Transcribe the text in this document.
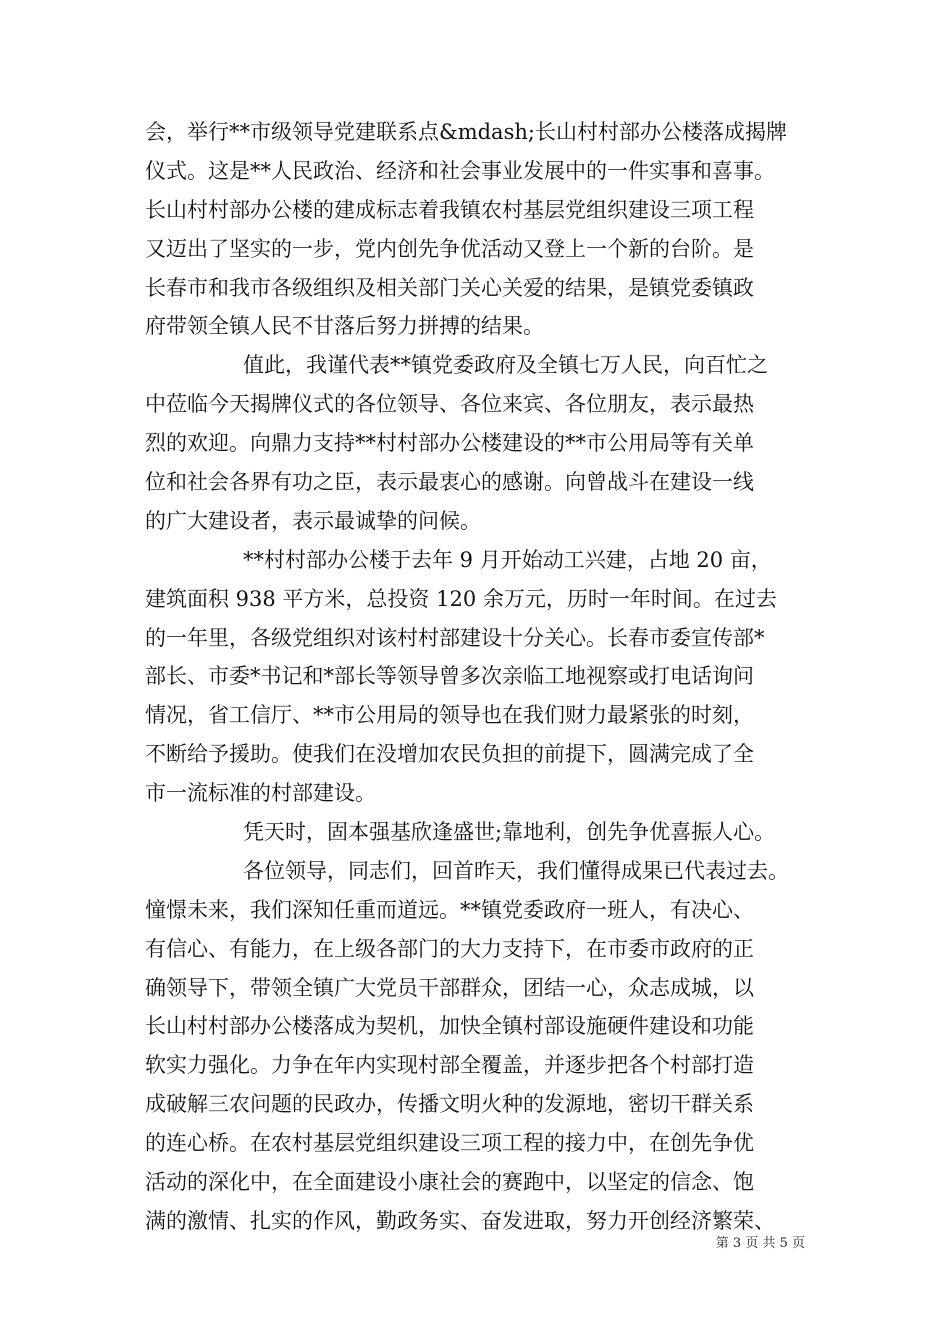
会，举行**市级领导党建联系点&mdash;长山村村部办公楼落成揭牌
仪式。这是**人民政治、经济和社会事业发展中的一件实事和喜事。
长山村村部办公楼的建成标志着我镇农村基层党组织建设三项工程
又迈出了坚实的一步，党内创先争优活动又登上一个新的台阶。是
长春市和我市各级组织及相关部门关心关爱的结果，是镇党委镇政
府带领全镇人民不甘落后努力拼搏的结果。
值此，我谨代表**镇党委政府及全镇七万人民，向百忙之
中莅临今天揭牌仪式的各位领导、各位来宾、各位朋友，表示最热
烈的欢迎。向鼎力支持**村村部办公楼建设的**市公用局等有关单
位和社会各界有功之臣，表示最衷心的感谢。向曾战斗在建设一线
的广大建设者，表示最诚挚的问候。
**村村部办公楼于去年 9 月开始动工兴建，占地 20 亩，
建筑面积 938 平方米，总投资 120 余万元，历时一年时间。在过去
的一年里，各级党组织对该村村部建设十分关心。长春市委宣传部*
部长、市委*书记和*部长等领导曾多次亲临工地视察或打电话询问
情况，省工信厅、**市公用局的领导也在我们财力最紧张的时刻，
不断给予援助。使我们在没增加农民负担的前提下，圆满完成了全
市一流标准的村部建设。
凭天时，固本强基欣逢盛世;靠地利，创先争优喜振人心。
各位领导，同志们，回首昨天，我们懂得成果已代表过去。
憧憬未来，我们深知任重而道远。**镇党委政府一班人，有决心、
有信心、有能力，在上级各部门的大力支持下，在市委市政府的正
确领导下，带领全镇广大党员干部群众，团结一心，众志成城，以
长山村村部办公楼落成为契机，加快全镇村部设施硬件建设和功能
软实力强化。力争在年内实现村部全覆盖，并逐步把各个村部打造
成破解三农问题的民政办，传播文明火种的发源地，密切干群关系
的连心桥。在农村基层党组织建设三项工程的接力中，在创先争优
活动的深化中，在全面建设小康社会的赛跑中，以坚定的信念、饱
满的激情、扎实的作风，勤政务实、奋发进取，努力开创经济繁荣、
第 3 页 共 5 页
